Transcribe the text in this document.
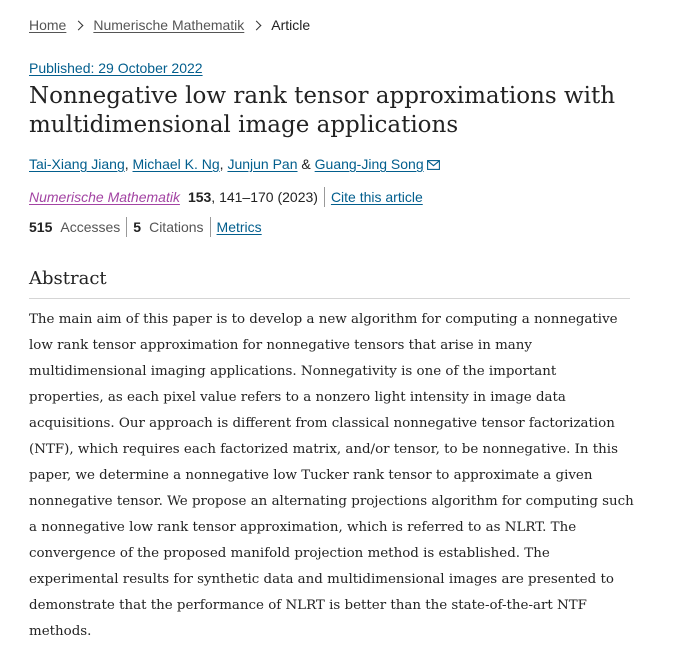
Home Numerische Mathematik Article
Published: 29 October 2022
Nonnegative low rank tensor approximations with multidimensional image applications
Tai-Xiang Jiang ,
Michael K. Ng ,
Junjun Pan
&
Guang-Jing Song
Numerische Mathematik 153 , 141–170 (2023) Cite this article
515 Accesses 5 Citations Metrics
Abstract

The main aim of this paper is to develop a new algorithm for computing a nonnegative low rank tensor approximation for nonnegative tensors that arise in many multidimensional imaging applications. Nonnegativity is one of the important properties, as each pixel value refers to a nonzero light intensity in image data acquisitions. Our approach is different from classical nonnegative tensor factorization (NTF), which requires each factorized matrix, and/or tensor, to be nonnegative. In this paper, we determine a nonnegative low Tucker rank tensor to approximate a given nonnegative tensor. We propose an alternating projections algorithm for computing such a nonnegative low rank tensor approximation, which is referred to as NLRT. The convergence of the proposed manifold projection method is established. The experimental results for synthetic data and multidimensional images are presented to demonstrate that the performance of NLRT is better than the state-of-the-art NTF methods.
